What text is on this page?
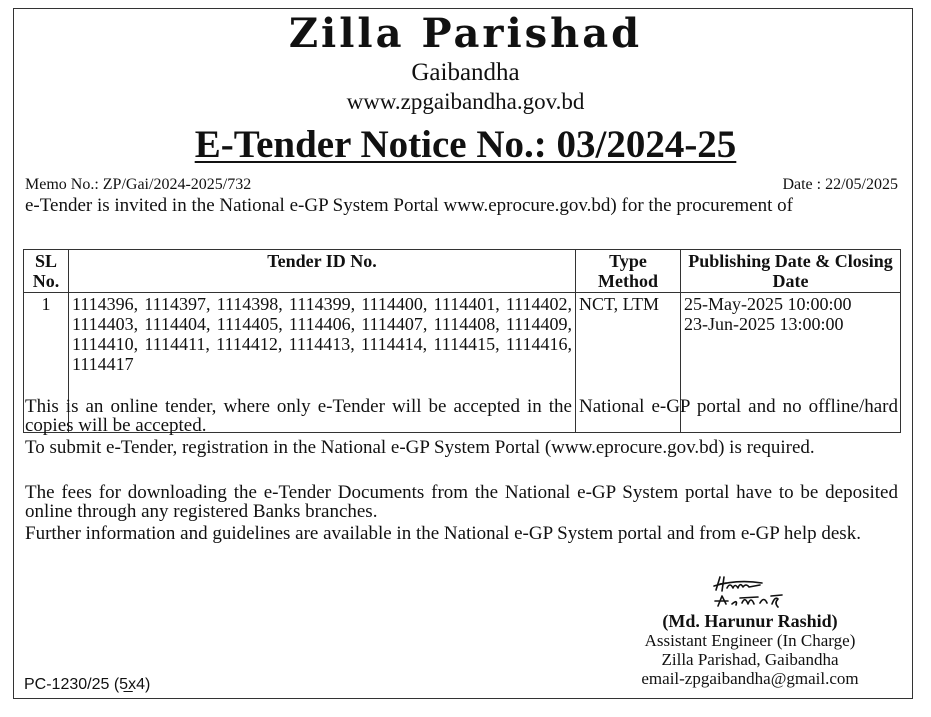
Zilla Parishad
Gaibandha
www.zpgaibandha.gov.bd
E-Tender Notice No.: 03/2024-25
Memo No.: ZP/Gai/2024-2025/732	Date : 22/05/2025
e-Tender is invited in the National e-GP System Portal www.eprocure.gov.bd) for the procurement of
SL No.	Tender ID No.	Type Method	Publishing Date & Closing Date
1	1114396, 1114397, 1114398, 1114399, 1114400, 1114401, 1114402, 1114403, 1114404, 1114405, 1114406, 1114407, 1114408, 1114409, 1114410, 1114411, 1114412, 1114413, 1114414, 1114415, 1114416, 1114417	NCT, LTM	25-May-2025 10:00:00
23-Jun-2025 13:00:00

This is an online tender, where only e-Tender will be accepted in the National e-GP portal and no offline/hard copies will be accepted.

To submit e-Tender, registration in the National e-GP System Portal (www.eprocure.gov.bd) is required.

The fees for downloading the e-Tender Documents from the National e-GP System portal have to be deposited online through any registered Banks branches.

Further information and guidelines are available in the National e-GP System portal and from e-GP help desk.

(Md. Harunur Rashid)
Assistant Engineer (In Charge)
Zilla Parishad, Gaibandha
email-zpgaibandha@gmail.com
PC-1230/25 (5̲x4)
